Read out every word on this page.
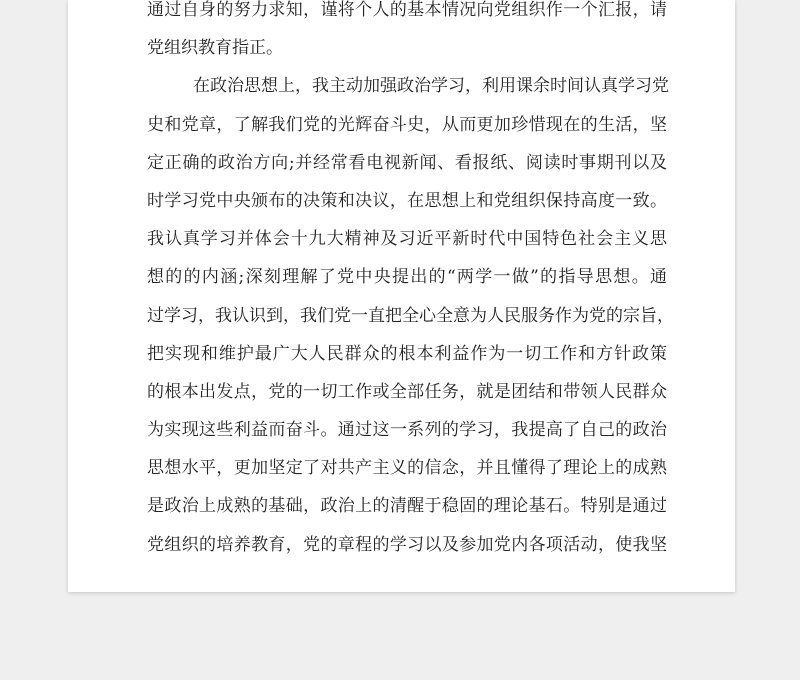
通过自身的努力求知，谨将个人的基本情况向党组织作一个汇报，请
党组织教育指正。
在政治思想上，我主动加强政治学习，利用课余时间认真学习党
史和党章，了解我们党的光辉奋斗史，从而更加珍惜现在的生活，坚
定正确的政治方向;并经常看电视新闻、看报纸、阅读时事期刊以及
时学习党中央颁布的决策和决议，在思想上和党组织保持高度一致。
我认真学习并体会十九大精神及习近平新时代中国特色社会主义思
想的的内涵;深刻理解了党中央提出的“两学一做”的指导思想。通
过学习，我认识到，我们党一直把全心全意为人民服务作为党的宗旨，
把实现和维护最广大人民群众的根本利益作为一切工作和方针政策
的根本出发点，党的一切工作或全部任务，就是团结和带领人民群众
为实现这些利益而奋斗。通过这一系列的学习，我提高了自己的政治
思想水平，更加坚定了对共产主义的信念，并且懂得了理论上的成熟
是政治上成熟的基础，政治上的清醒于稳固的理论基石。特别是通过
党组织的培养教育，党的章程的学习以及参加党内各项活动，使我坚
